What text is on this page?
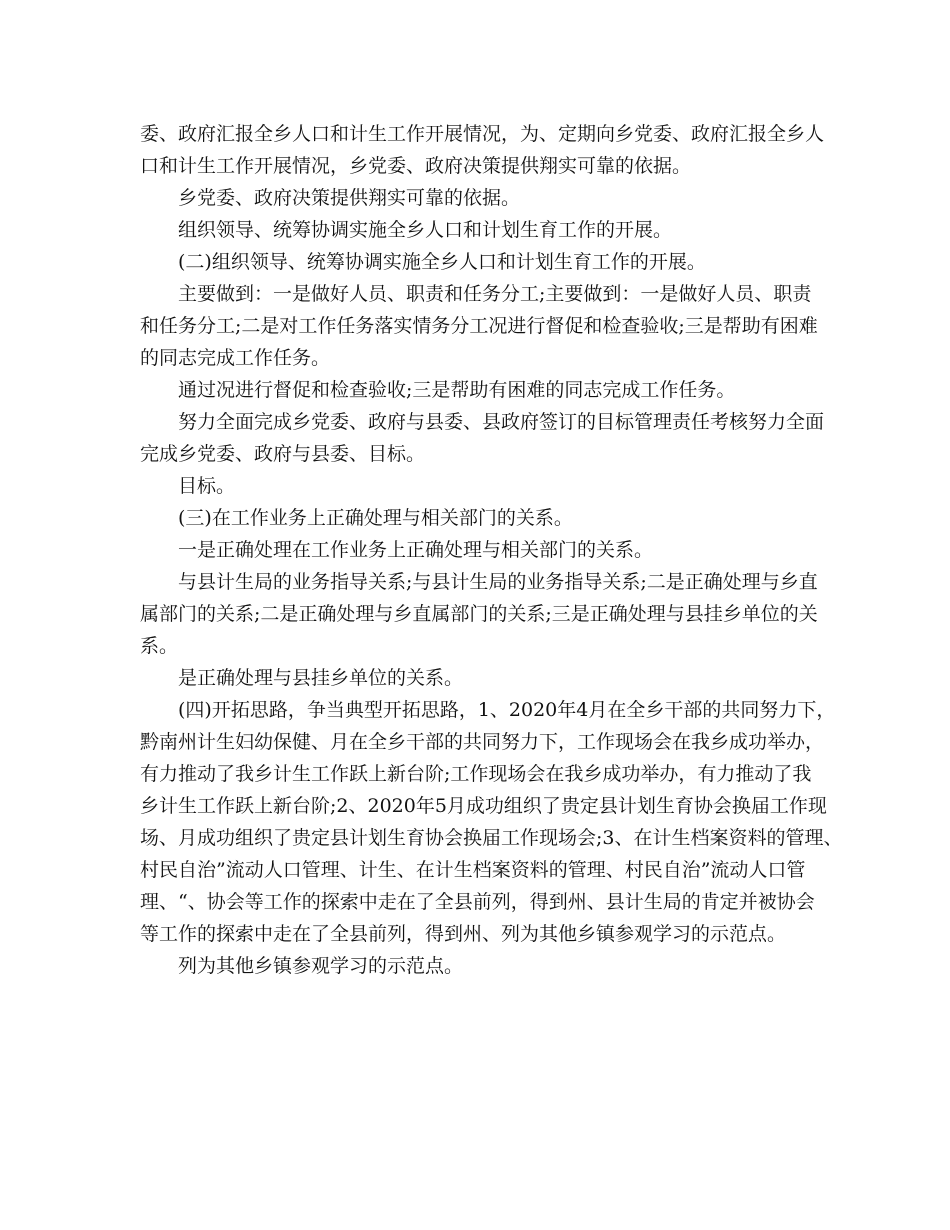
委、政府汇报全乡人口和计生工作开展情况，为、定期向乡党委、政府汇报全乡人
口和计生工作开展情况，乡党委、政府决策提供翔实可靠的依据。
　　乡党委、政府决策提供翔实可靠的依据。
　　组织领导、统筹协调实施全乡人口和计划生育工作的开展。
　　(二)组织领导、统筹协调实施全乡人口和计划生育工作的开展。
　　主要做到：一是做好人员、职责和任务分工;主要做到：一是做好人员、职责
和任务分工;二是对工作任务落实情务分工况进行督促和检查验收;三是帮助有困难
的同志完成工作任务。
　　通过况进行督促和检查验收;三是帮助有困难的同志完成工作任务。
　　努力全面完成乡党委、政府与县委、县政府签订的目标管理责任考核努力全面
完成乡党委、政府与县委、目标。
　　目标。
　　(三)在工作业务上正确处理与相关部门的关系。
　　一是正确处理在工作业务上正确处理与相关部门的关系。
　　与县计生局的业务指导关系;与县计生局的业务指导关系;二是正确处理与乡直
属部门的关系;二是正确处理与乡直属部门的关系;三是正确处理与县挂乡单位的关
系。
　　是正确处理与县挂乡单位的关系。
　　(四)开拓思路，争当典型开拓思路，1、2020年4月在全乡干部的共同努力下，
黔南州计生妇幼保健、月在全乡干部的共同努力下，工作现场会在我乡成功举办，
有力推动了我乡计生工作跃上新台阶;工作现场会在我乡成功举办，有力推动了我
乡计生工作跃上新台阶;2、2020年5月成功组织了贵定县计划生育协会换届工作现
场、月成功组织了贵定县计划生育协会换届工作现场会;3、在计生档案资料的管理、
村民自治”流动人口管理、计生、在计生档案资料的管理、村民自治”流动人口管
理、“、协会等工作的探索中走在了全县前列，得到州、县计生局的肯定并被协会
等工作的探索中走在了全县前列，得到州、列为其他乡镇参观学习的示范点。
　　列为其他乡镇参观学习的示范点。
